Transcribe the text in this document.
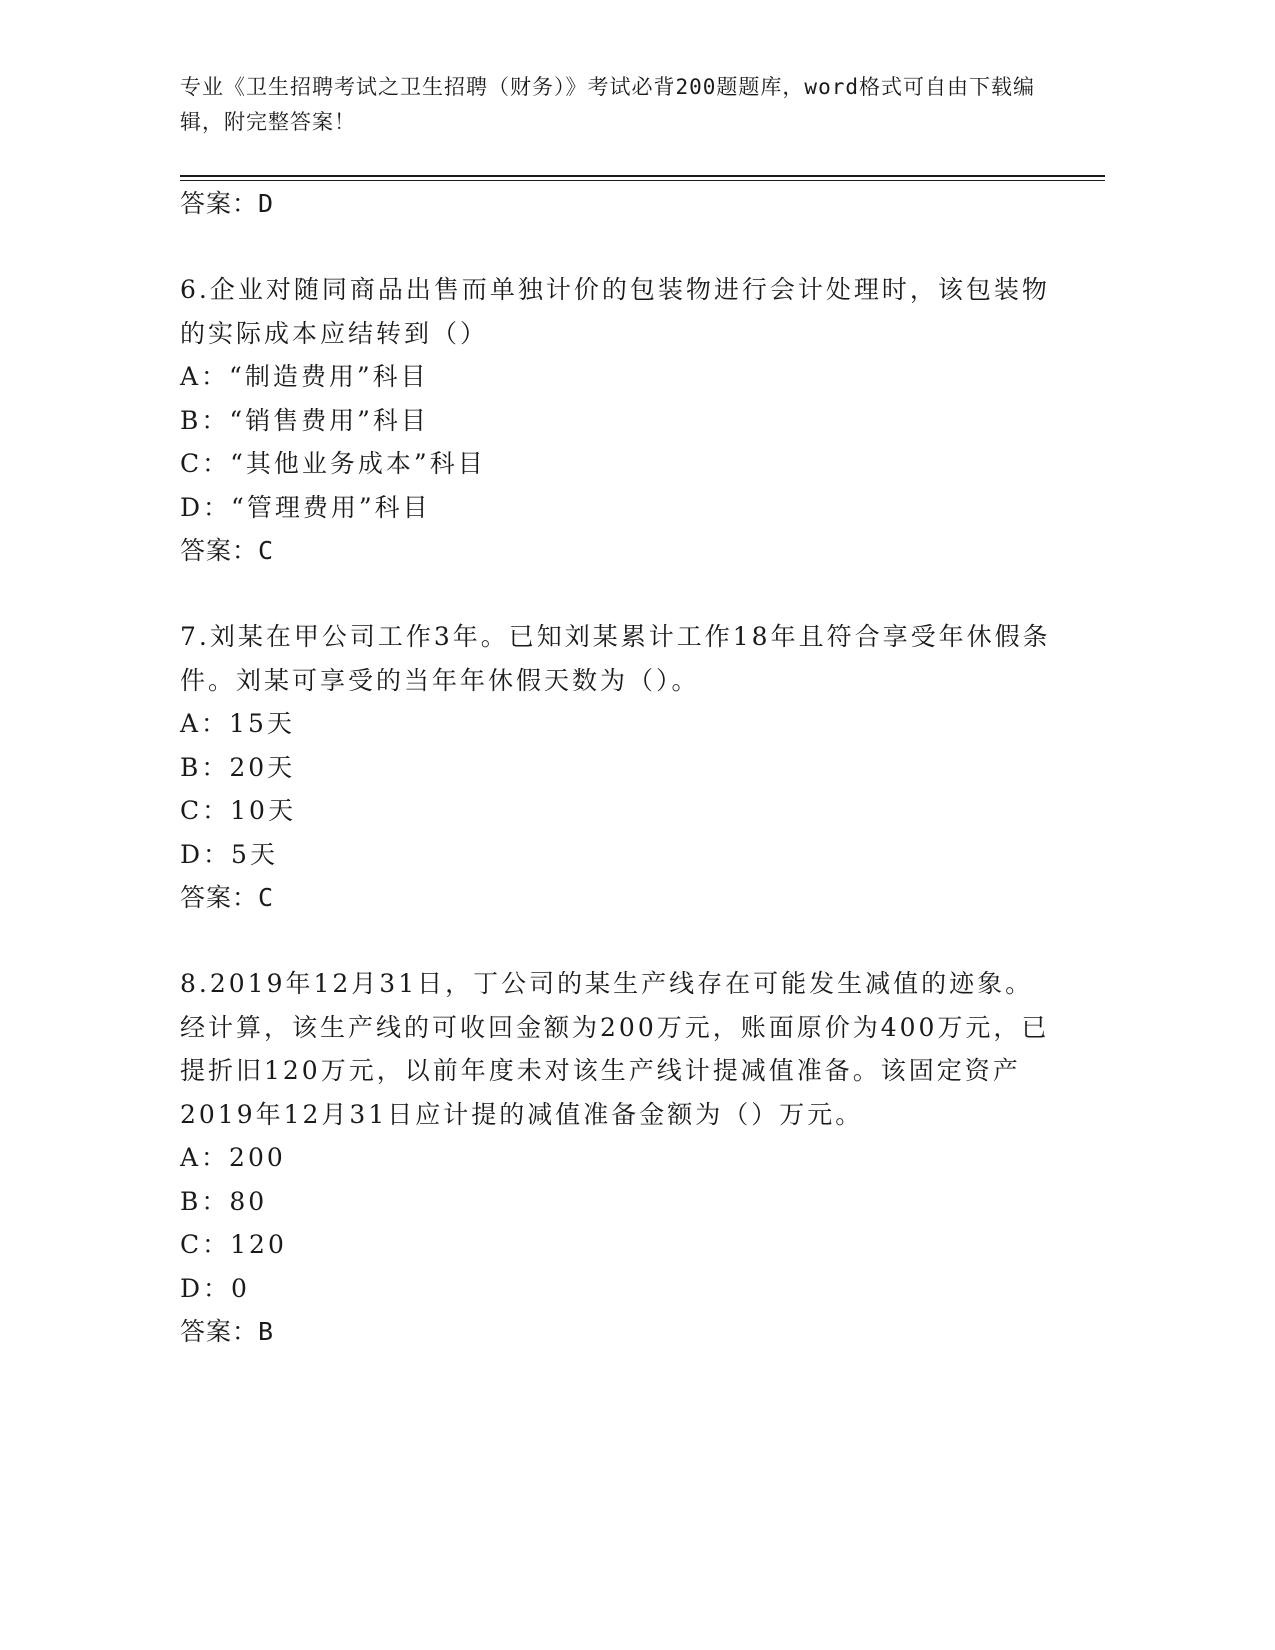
专业《卫生招聘考试之卫生招聘（财务）》考试必背200题题库，word格式可自由下载编辑，附完整答案！
答案：D
6.企业对随同商品出售而单独计价的包装物进行会计处理时，该包装物的实际成本应结转到（）
A：“制造费用”科目
B：“销售费用”科目
C：“其他业务成本”科目
D：“管理费用”科目
答案：C
7.刘某在甲公司工作3年。已知刘某累计工作18年且符合享受年休假条件。刘某可享受的当年年休假天数为（）。
A：15天
B：20天
C：10天
D：5天
答案：C
8.2019年12月31日，丁公司的某生产线存在可能发生减值的迹象。经计算，该生产线的可收回金额为200万元，账面原价为400万元，已提折旧120万元，以前年度未对该生产线计提减值准备。该固定资产2019年12月31日应计提的减值准备金额为（）万元。
A：200
B：80
C：120
D：0
答案：B
